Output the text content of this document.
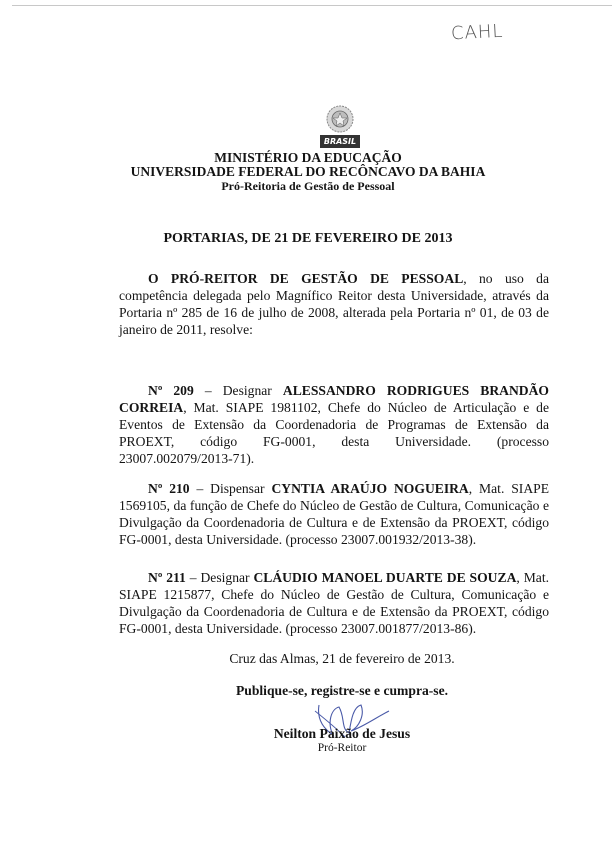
CAHL
BRASIL
MINISTÉRIO DA EDUCAÇÃO
UNIVERSIDADE FEDERAL DO RECÔNCAVO DA BAHIA
Pró-Reitoria de Gestão de Pessoal
PORTARIAS, DE 21 DE FEVEREIRO DE 2013

O PRÓ-REITOR DE GESTÃO DE PESSOAL, no uso da competência delegada pelo Magnífico Reitor desta Universidade, através da Portaria nº 285 de 16 de julho de 2008, alterada pela Portaria nº 01, de 03 de janeiro de 2011, resolve:

Nº 209 – Designar ALESSANDRO RODRIGUES BRANDÃO CORREIA, Mat. SIAPE 1981102, Chefe do Núcleo de Articulação e de Eventos de Extensão da Coordenadoria de Programas de Extensão da PROEXT, código FG-0001, desta Universidade. (processo 23007.002079/2013-71).

Nº 210 – Dispensar CYNTIA ARAÚJO NOGUEIRA, Mat. SIAPE 1569105, da função de Chefe do Núcleo de Gestão de Cultura, Comunicação e Divulgação da Coordenadoria de Cultura e de Extensão da PROEXT, código FG-0001, desta Universidade. (processo 23007.001932/2013-38).

Nº 211 – Designar CLÁUDIO MANOEL DUARTE DE SOUZA, Mat. SIAPE 1215877, Chefe do Núcleo de Gestão de Cultura, Comunicação e Divulgação da Coordenadoria de Cultura e de Extensão da PROEXT, código FG-0001, desta Universidade. (processo 23007.001877/2013-86).

Cruz das Almas, 21 de fevereiro de 2013.
Publique-se, registre-se e cumpra-se.
Neilton Paixão de Jesus
Pró-Reitor
